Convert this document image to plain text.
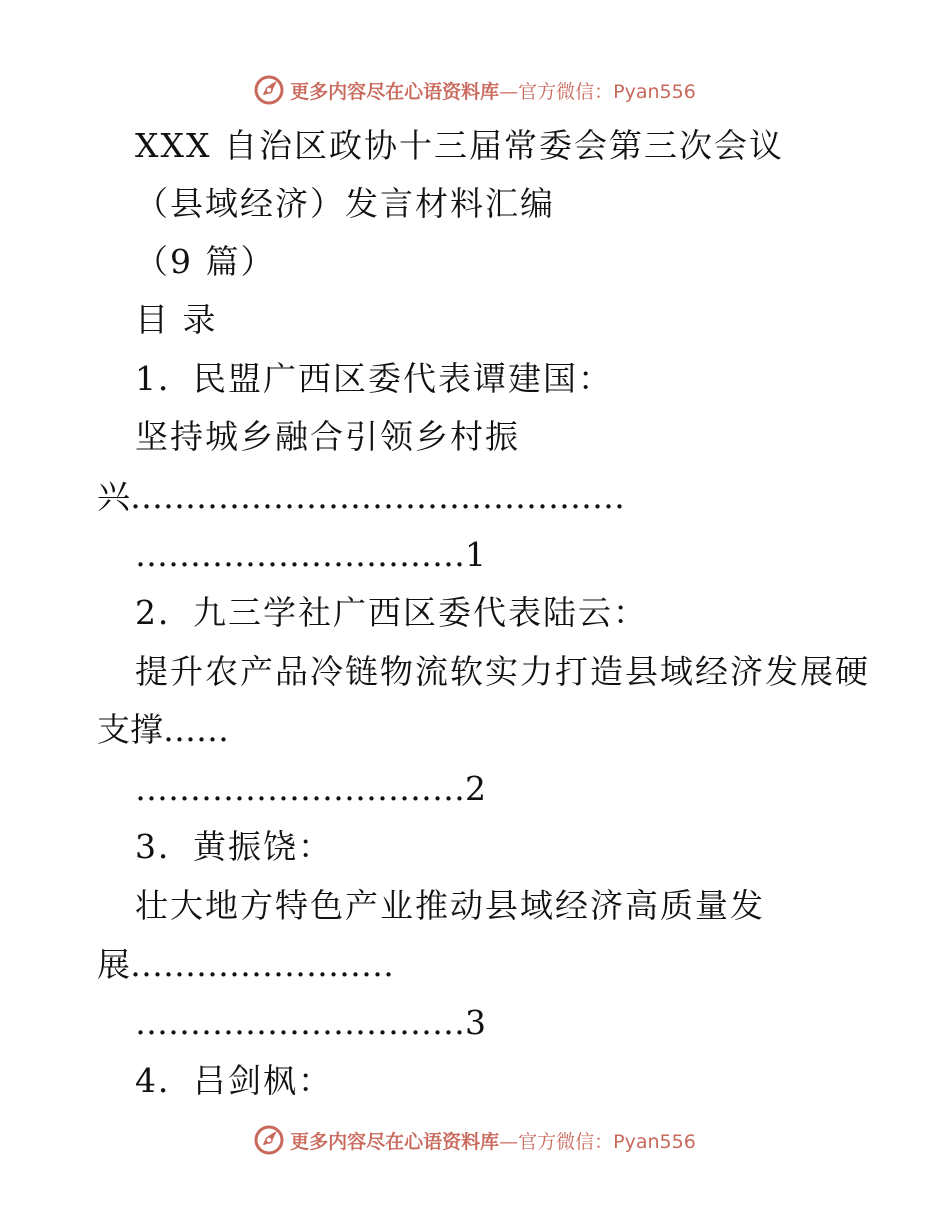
更多内容尽在心语资料库—官方微信：Pyan556
XXX 自治区政协十三届常委会第三次会议
（县域经济）发言材料汇编
（9 篇）
目 录
1．民盟广西区委代表谭建国：
坚持城乡融合引领乡村振
兴………………………………………
…………………………1
2．九三学社广西区委代表陆云：
提升农产品冷链物流软实力打造县域经济发展硬
支撑……
…………………………2
3．黄振饶：
壮大地方特色产业推动县域经济高质量发
展……………………
…………………………3
4．吕剑枫：
更多内容尽在心语资料库—官方微信：Pyan556
